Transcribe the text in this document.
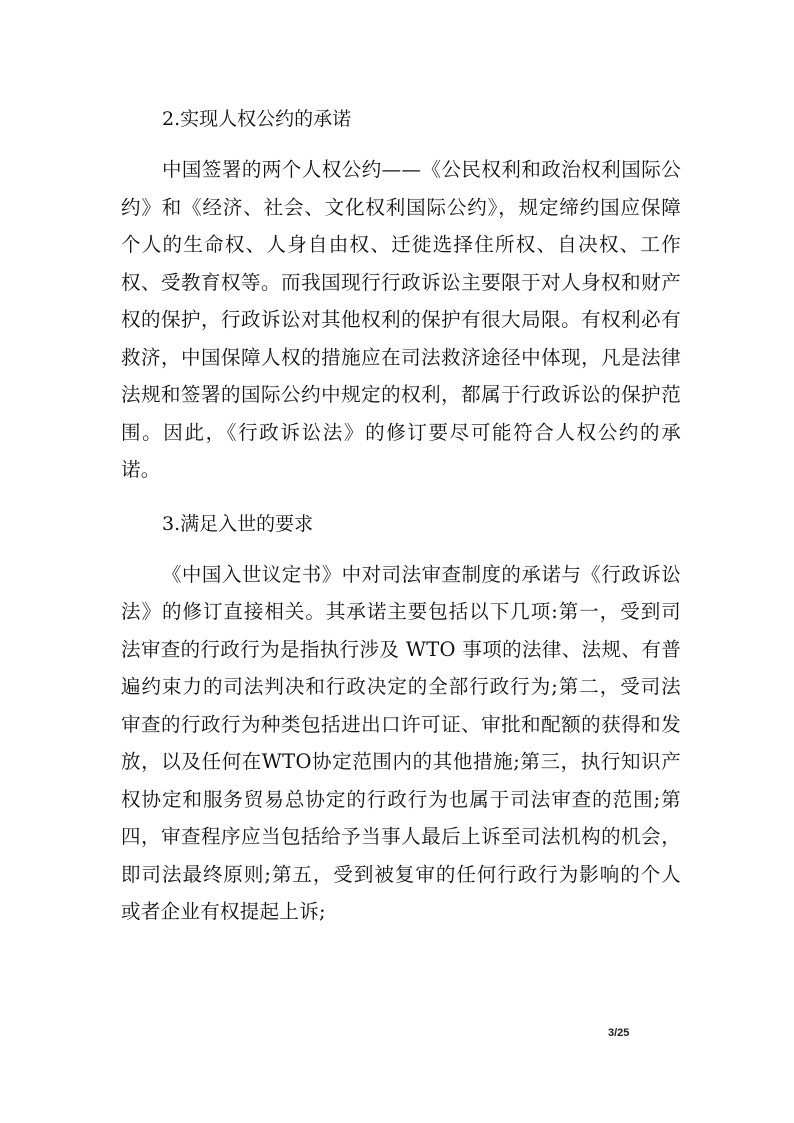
2.实现人权公约的承诺

中国签署的两个人权公约——《公民权利和政治权利国际公约》和《经济、社会、文化权利国际公约》，规定缔约国应保障个人的生命权、人身自由权、迁徙选择住所权、自决权、工作权、受教育权等。而我国现行行政诉讼主要限于对人身权和财产权的保护，行政诉讼对其他权利的保护有很大局限。有权利必有救济，中国保障人权的措施应在司法救济途径中体现，凡是法律法规和签署的国际公约中规定的权利，都属于行政诉讼的保护范围。因此，《行政诉讼法》的修订要尽可能符合人权公约的承诺。

3.满足入世的要求

《中国入世议定书》中对司法审查制度的承诺与《行政诉讼法》的修订直接相关。其承诺主要包括以下几项:第一，受到司法审查的行政行为是指执行涉及 WTO 事项的法律、法规、有普遍约束力的司法判决和行政决定的全部行政行为;第二，受司法审查的行政行为种类包括进出口许可证、审批和配额的获得和发放，以及任何在WTO协定范围内的其他措施;第三，执行知识产权协定和服务贸易总协定的行政行为也属于司法审查的范围;第四，审查程序应当包括给予当事人最后上诉至司法机构的机会，即司法最终原则;第五，受到被复审的任何行政行为影响的个人或者企业有权提起上诉;

3/25
